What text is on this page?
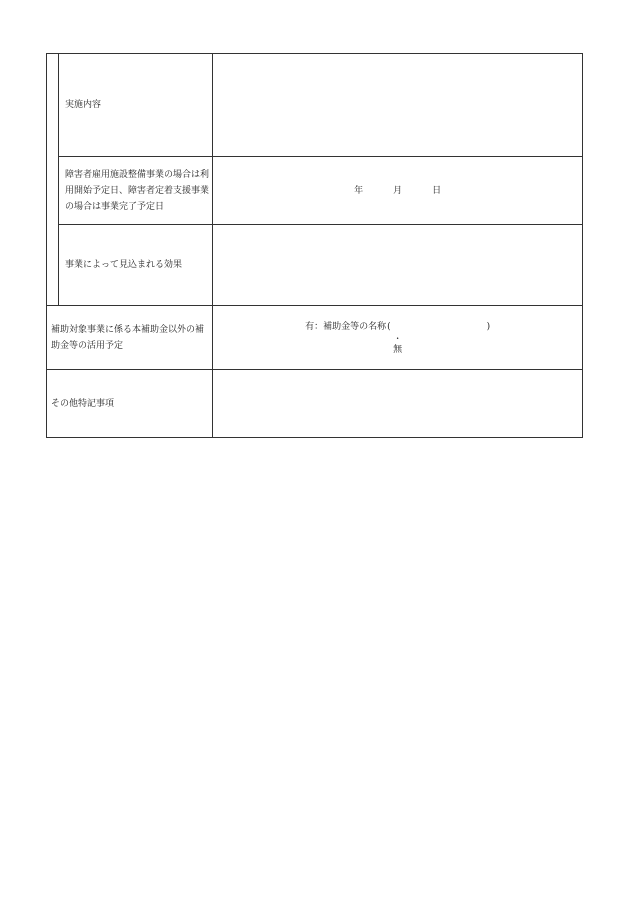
	実施内容	

	障害者雇用施設整備事業の場合は利用開始予定日、障害者定着支援事業の場合は事業完了予定日	年 月 日

	事業によって見込まれる効果	

補助対象事業に係る本補助金以外の補助金等の活用予定		有：補助金等の名称( )
・
無

その他特記事項		
